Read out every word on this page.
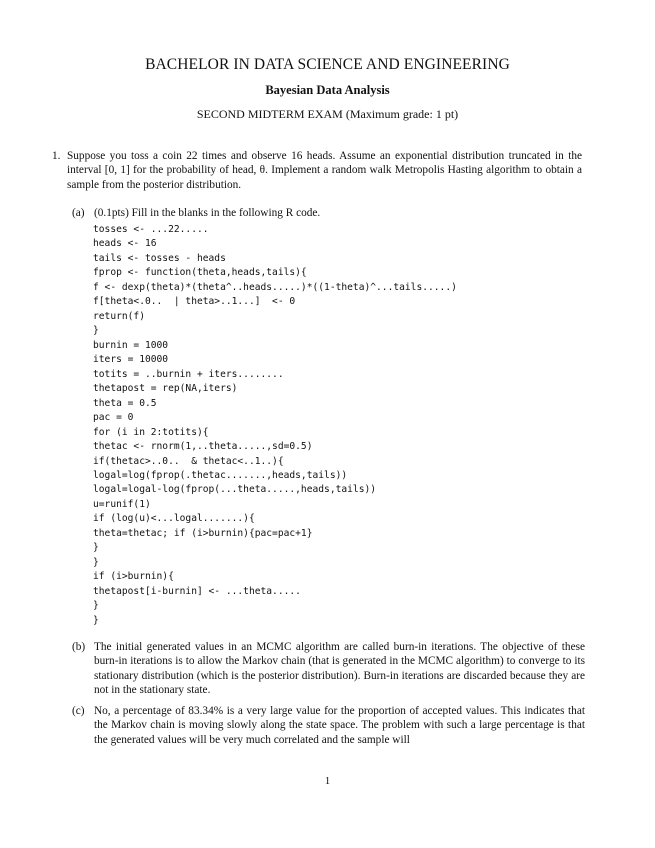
BACHELOR IN DATA SCIENCE AND ENGINEERING
Bayesian Data Analysis
SECOND MIDTERM EXAM (Maximum grade: 1 pt)
1. Suppose you toss a coin 22 times and observe 16 heads. Assume an exponential distribution truncated in the interval [0, 1] for the probability of head, θ. Implement a random walk Metropolis Hasting algorithm to obtain a sample from the posterior distribution.
(a) (0.1pts) Fill in the blanks in the following R code.
tosses <- ...22.....
heads <- 16
tails <- tosses - heads
fprop <- function(theta,heads,tails){
f <- dexp(theta)*(theta^..heads.....)*((1-theta)^...tails.....)
f[theta<.0..  | theta>..1...]  <- 0
return(f)
}
burnin = 1000
iters = 10000
totits = ..burnin + iters........
thetapost = rep(NA,iters)
theta = 0.5
pac = 0
for (i in 2:totits){
thetac <- rnorm(1,..theta.....,sd=0.5)
if(thetac>..0..  & thetac<..1..){
logal=log(fprop(.thetac.......,heads,tails))
logal=logal-log(fprop(...theta.....,heads,tails))
u=runif(1)
if (log(u)<...logal.......){
theta=thetac; if (i>burnin){pac=pac+1}
}
}
if (i>burnin){
thetapost[i-burnin] <- ...theta.....
}
}
(b) The initial generated values in an MCMC algorithm are called burn-in iterations. The objective of these burn-in iterations is to allow the Markov chain (that is generated in the MCMC algorithm) to converge to its stationary distribution (which is the posterior distribution). Burn-in iterations are discarded because they are not in the stationary state.
(c) No, a percentage of 83.34% is a very large value for the proportion of accepted values. This indicates that the Markov chain is moving slowly along the state space. The problem with such a large percentage is that the generated values will be very much correlated and the sample will
1
